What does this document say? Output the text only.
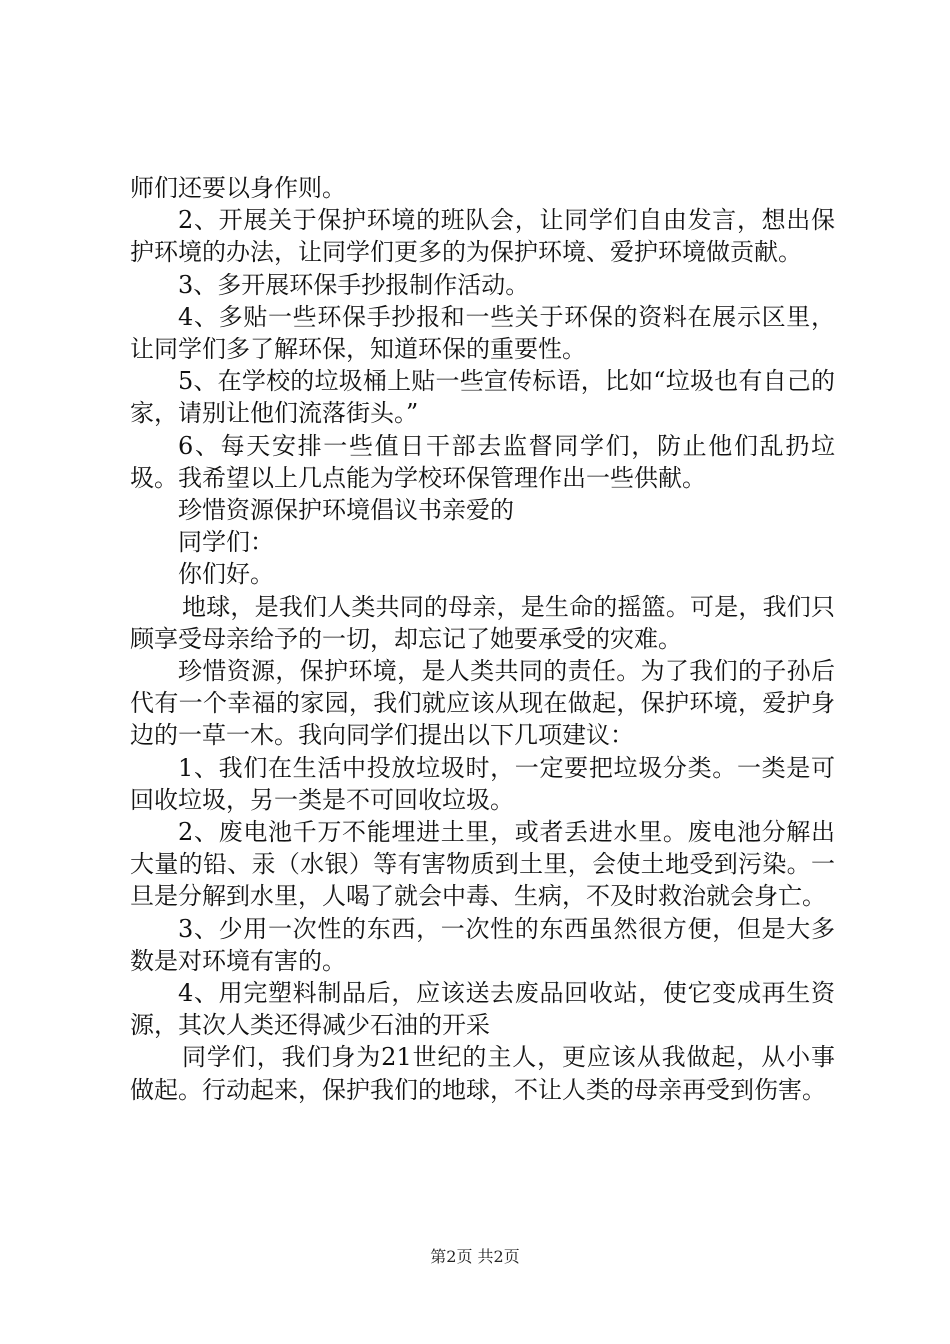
师们还要以身作则。

2、开展关于保护环境的班队会，让同学们自由发言，想出保护环境的办法，让同学们更多的为保护环境、爱护环境做贡献。

3、多开展环保手抄报制作活动。

4、多贴一些环保手抄报和一些关于环保的资料在展示区里，让同学们多了解环保，知道环保的重要性。

5、在学校的垃圾桶上贴一些宣传标语，比如“垃圾也有自己的家，请别让他们流落街头。”

6、每天安排一些值日干部去监督同学们，防止他们乱扔垃圾。我希望以上几点能为学校环保管理作出一些供献。

珍惜资源保护环境倡议书亲爱的

同学们：

你们好。

地球，是我们人类共同的母亲，是生命的摇篮。可是，我们只顾享受母亲给予的一切，却忘记了她要承受的灾难。

珍惜资源，保护环境，是人类共同的责任。为了我们的子孙后代有一个幸福的家园，我们就应该从现在做起，保护环境，爱护身边的一草一木。我向同学们提出以下几项建议：

1、我们在生活中投放垃圾时，一定要把垃圾分类。一类是可回收垃圾，另一类是不可回收垃圾。

2、废电池千万不能埋进土里，或者丢进水里。废电池分解出大量的铅、汞（水银）等有害物质到土里，会使土地受到污染。一旦是分解到水里，人喝了就会中毒、生病，不及时救治就会身亡。

3、少用一次性的东西，一次性的东西虽然很方便，但是大多数是对环境有害的。

4、用完塑料制品后，应该送去废品回收站，使它变成再生资源，其次人类还得减少石油的开采

同学们，我们身为21世纪的主人，更应该从我做起，从小事做起。行动起来，保护我们的地球，不让人类的母亲再受到伤害。

第2页 共2页
